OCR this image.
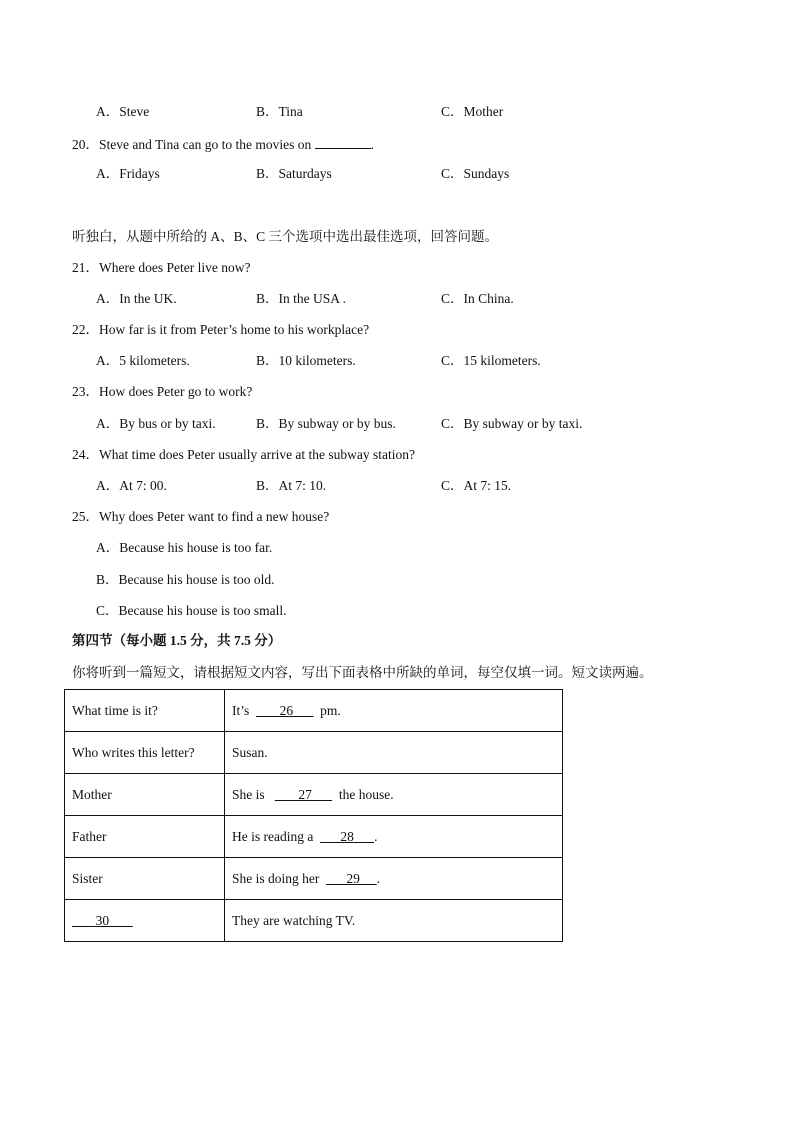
A．Steve	B．Tina	C．Mother
20．Steve and Tina can go to the movies on	.
A．Fridays	B．Saturdays	C．Sundays
听独白，从题中所给的 A、B、C 三个选项中选出最佳选项，回答问题。
21．Where does Peter live now?
A．In the UK.	B．In the USA .	C．In China.
22．How far is it from Peter’s home to his workplace?
A．5 kilometers.	B．10 kilometers.	C．15 kilometers.
23．How does Peter go to work?
A．By bus or by taxi.	B．By subway or by bus.	C．By subway or by taxi.
24．What time does Peter usually arrive at the subway station?
A．At 7: 00.	B．At 7: 10.	C．At 7: 15.
25．Why does Peter want to find a new house?
A．Because his house is too far.
B．Because his house is too old.
C．Because his house is too small.
第四节（每小题 1.5 分，共 7.5 分）
你将听到一篇短文，请根据短文内容，写出下面表格中所缺的单词，每空仅填一词。短文读两遍。
What time is it?	It’s 26 pm.
Who writes this letter?	Susan.
Mother	She is 27 the house.
Father	He is reading a 28 .
Sister	She is doing her 29 .
30	They are watching TV.
